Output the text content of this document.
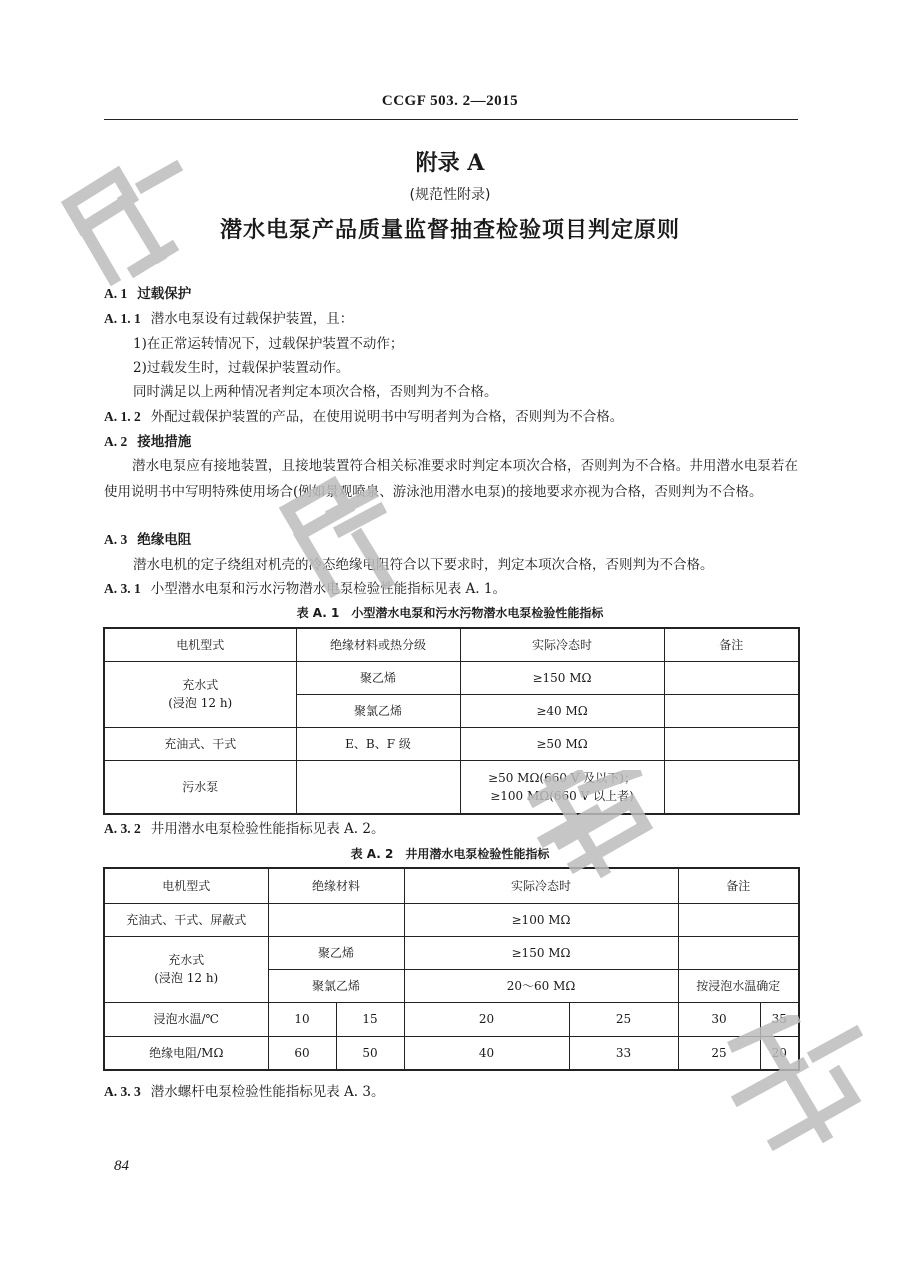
CCGF 503. 2—2015
附录 A
(规范性附录)
潜水电泵产品质量监督抽查检验项目判定原则
A. 1 过载保护
A. 1. 1 潜水电泵设有过载保护装置，且：
1)在正常运转情况下，过载保护装置不动作；
2)过载发生时，过载保护装置动作。
同时满足以上两种情况者判定本项次合格，否则判为不合格。
A. 1. 2 外配过载保护装置的产品，在使用说明书中写明者判为合格，否则判为不合格。
A. 2 接地措施
潜水电泵应有接地装置，且接地装置符合相关标准要求时判定本项次合格，否则判为不合格。井用潜水电泵若在使用说明书中写明特殊使用场合(例如景观喷泉、游泳池用潜水电泵)的接地要求亦视为合格，否则判为不合格。
A. 3 绝缘电阻
潜水电机的定子绕组对机壳的冷态绝缘电阻符合以下要求时，判定本项次合格，否则判为不合格。
A. 3. 1 小型潜水电泵和污水污物潜水电泵检验性能指标见表 A. 1。
表 A. 1　小型潜水电泵和污水污物潜水电泵检验性能指标
电机型式	绝缘材料或热分级	实际冷态时	备注

充水式
(浸泡 12 h)	聚乙烯	≥150 MΩ	
	聚氯乙烯	≥40 MΩ	
充油式、干式	E、B、F 级	≥50 MΩ	
污水泵		≥50 MΩ(660 V 及以下)；
≥100 MΩ(660 V 以上者)	

A. 3. 2 井用潜水电泵检验性能指标见表 A. 2。
表 A. 2　井用潜水电泵检验性能指标
电机型式	绝缘材料		实际冷态时		备注	
充油式、干式、屏蔽式			≥100 MΩ			

充水式
(浸泡 12 h)	聚乙烯		≥150 MΩ			
	聚氯乙烯		20～60 MΩ		按浸泡水温确定	
浸泡水温/℃	10	15	20	25	30	35
绝缘电阻/MΩ	60	50	40	33	25	20
A. 3. 3 潜水螺杆电泵检验性能指标见表 A. 3。
84
